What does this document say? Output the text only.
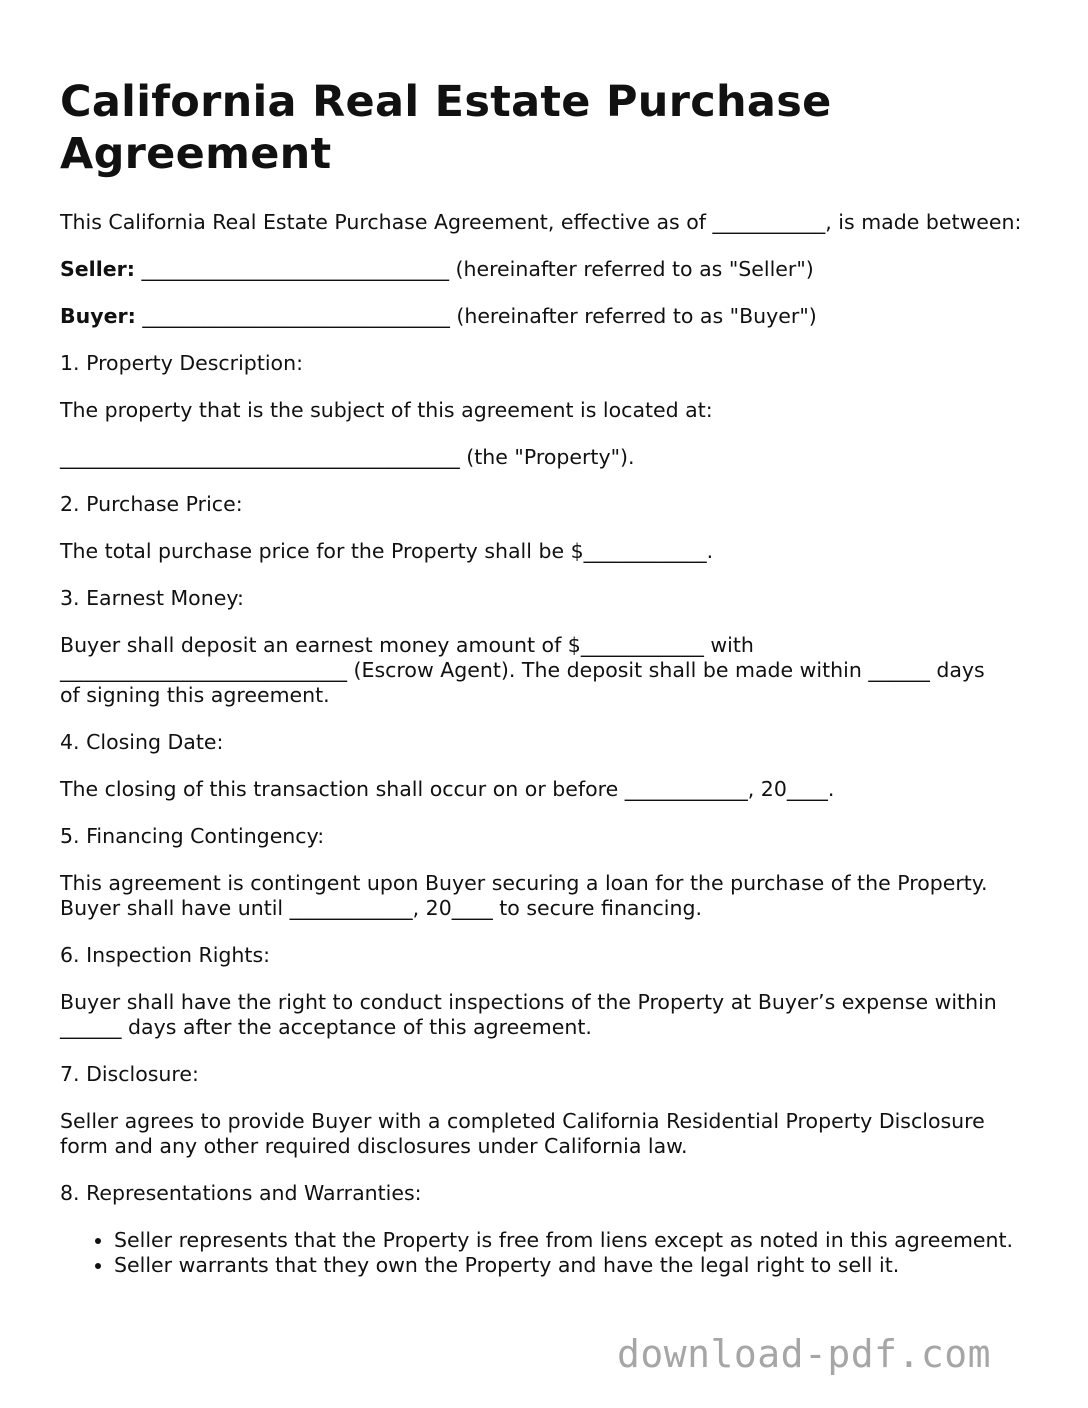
California Real Estate Purchase Agreement

This California Real Estate Purchase Agreement, effective as of ___________, is made between:

Seller: ______________________________ (hereinafter referred to as "Seller")

Buyer: ______________________________ (hereinafter referred to as "Buyer")

1. Property Description:

The property that is the subject of this agreement is located at:

_______________________________________ (the "Property").

2. Purchase Price:

The total purchase price for the Property shall be $____________.

3. Earnest Money:

Buyer shall deposit an earnest money amount of $____________ with
____________________________ (Escrow Agent). The deposit shall be made within ______ days
of signing this agreement.

4. Closing Date:

The closing of this transaction shall occur on or before ____________, 20____.

5. Financing Contingency:

This agreement is contingent upon Buyer securing a loan for the purchase of the Property.
Buyer shall have until ____________, 20____ to secure financing.

6. Inspection Rights:

Buyer shall have the right to conduct inspections of the Property at Buyer’s expense within
______ days after the acceptance of this agreement.

7. Disclosure:

Seller agrees to provide Buyer with a completed California Residential Property Disclosure
form and any other required disclosures under California law.

8. Representations and Warranties:

• Seller represents that the Property is free from liens except as noted in this agreement.
• Seller warrants that they own the Property and have the legal right to sell it.
download-pdf.com
